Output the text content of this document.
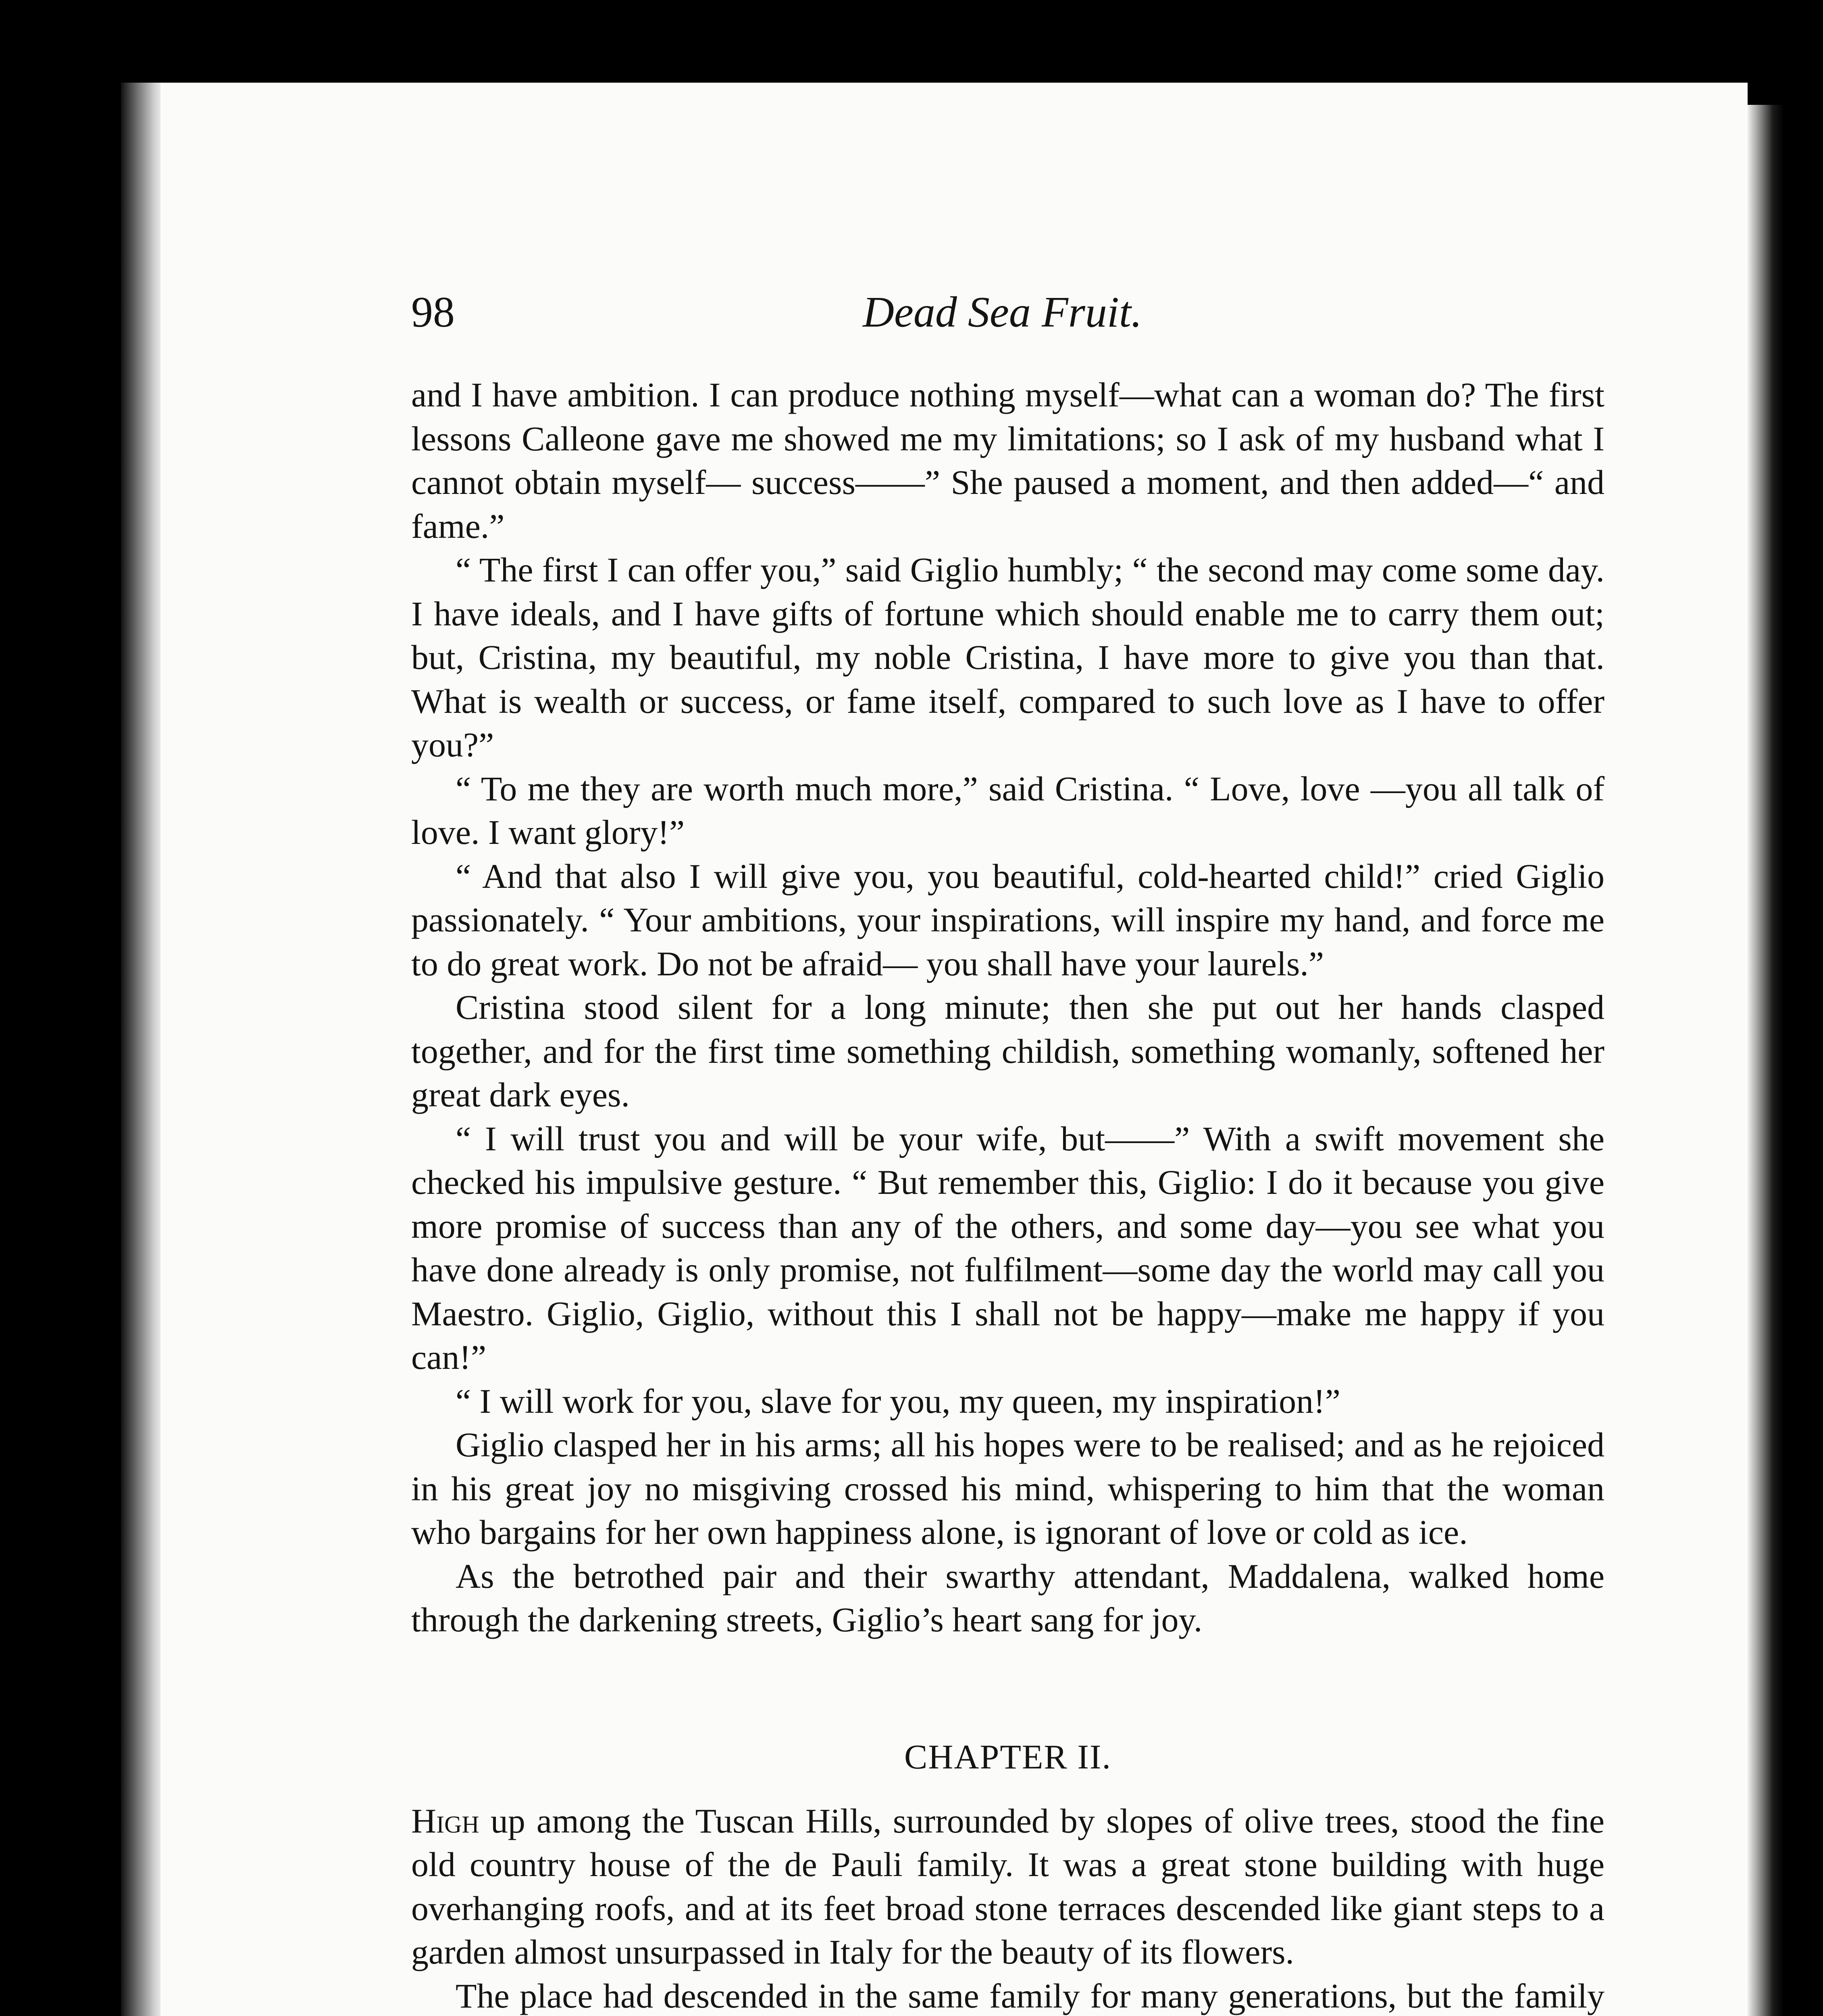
98	Dead Sea Fruit.

and I have ambition. I can produce nothing myself—what can a woman do? The first lessons Calleone gave me showed me my limitations; so I ask of my husband what I cannot obtain myself— success——” She paused a moment, and then added—“ and fame.”

“ The first I can offer you,” said Giglio humbly; “ the second may come some day. I have ideals, and I have gifts of fortune which should enable me to carry them out; but, Cristina, my beautiful, my noble Cristina, I have more to give you than that. What is wealth or success, or fame itself, compared to such love as I have to offer you?”

“ To me they are worth much more,” said Cristina. “ Love, love —you all talk of love. I want glory!”

“ And that also I will give you, you beautiful, cold-hearted child!” cried Giglio passionately. “ Your ambitions, your inspirations, will inspire my hand, and force me to do great work. Do not be afraid— you shall have your laurels.”

Cristina stood silent for a long minute; then she put out her hands clasped together, and for the first time something childish, something womanly, softened her great dark eyes.

“ I will trust you and will be your wife, but——” With a swift movement she checked his impulsive gesture. “ But remember this, Giglio: I do it because you give more promise of success than any of the others, and some day—you see what you have done already is only promise, not fulfilment—some day the world may call you Maestro. Giglio, Giglio, without this I shall not be happy—make me happy if you can!”

“ I will work for you, slave for you, my queen, my inspiration!”

Giglio clasped her in his arms; all his hopes were to be realised; and as he rejoiced in his great joy no misgiving crossed his mind, whispering to him that the woman who bargains for her own happiness alone, is ignorant of love or cold as ice.

As the betrothed pair and their swarthy attendant, Maddalena, walked home through the darkening streets, Giglio’s heart sang for joy.

CHAPTER II.

High up among the Tuscan Hills, surrounded by slopes of olive trees, stood the fine old country house of the de Pauli family. It was a great stone building with huge overhanging roofs, and at its feet broad stone terraces descended like giant steps to a garden almost unsurpassed in Italy for the beauty of its flowers.

The place had descended in the same family for many generations, but the family
